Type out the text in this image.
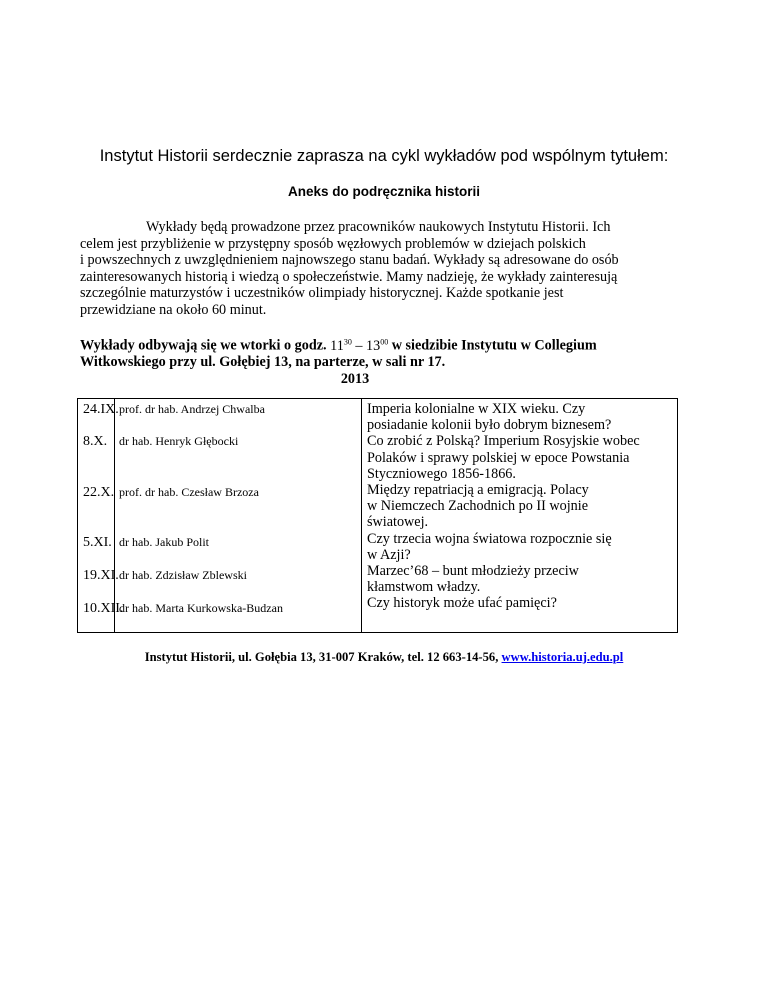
Instytut Historii serdecznie zaprasza na cykl wykładów pod wspólnym tytułem:
Aneks do podręcznika historii
Wykłady będą prowadzone przez pracowników naukowych Instytutu Historii. Ich
celem jest przybliżenie w przystępny sposób węzłowych problemów w dziejach polskich
i powszechnych z uwzględnieniem najnowszego stanu badań. Wykłady są adresowane do osób
zainteresowanych historią i wiedzą o społeczeństwie. Mamy nadzieję, że wykłady zainteresują
szczególnie maturzystów i uczestników olimpiady historycznej. Każde spotkanie jest
przewidziane na około 60 minut.
Wykłady odbywają się we wtorki o godz. $11^{30} - 13^{00}$ w siedzibie Instytutu w Collegium
Witkowskiego przy ul. Gołębiej 13, na parterze, w sali nr 17.
2013
24.IX. prof. dr hab. Andrzej Chwalba
8.X. dr hab. Henryk Głębocki
22.X. prof. dr hab. Czesław Brzoza
5.XI. dr hab. Jakub Polit
19.XI. dr hab. Zdzisław Zblewski
10.XII.
dr hab. Marta Kurkowska-Budzan
Imperia kolonialne w XIX wieku. Czy
posiadanie kolonii było dobrym biznesem?
Co zrobić z Polską? Imperium Rosyjskie wobec
Polaków i sprawy polskiej w epoce Powstania
Styczniowego 1856-1866.
Między repatriacją a emigracją. Polacy
w Niemczech Zachodnich po II wojnie
światowej.
Czy trzecia wojna światowa rozpocznie się
w Azji?
Marzec’68 – bunt młodzieży przeciw
kłamstwom władzy.
Czy historyk może ufać pamięci?
Instytut Historii, ul. Gołębia 13, 31-007 Kraków, tel. 12 663-14-56, www.historia.uj.edu.pl
